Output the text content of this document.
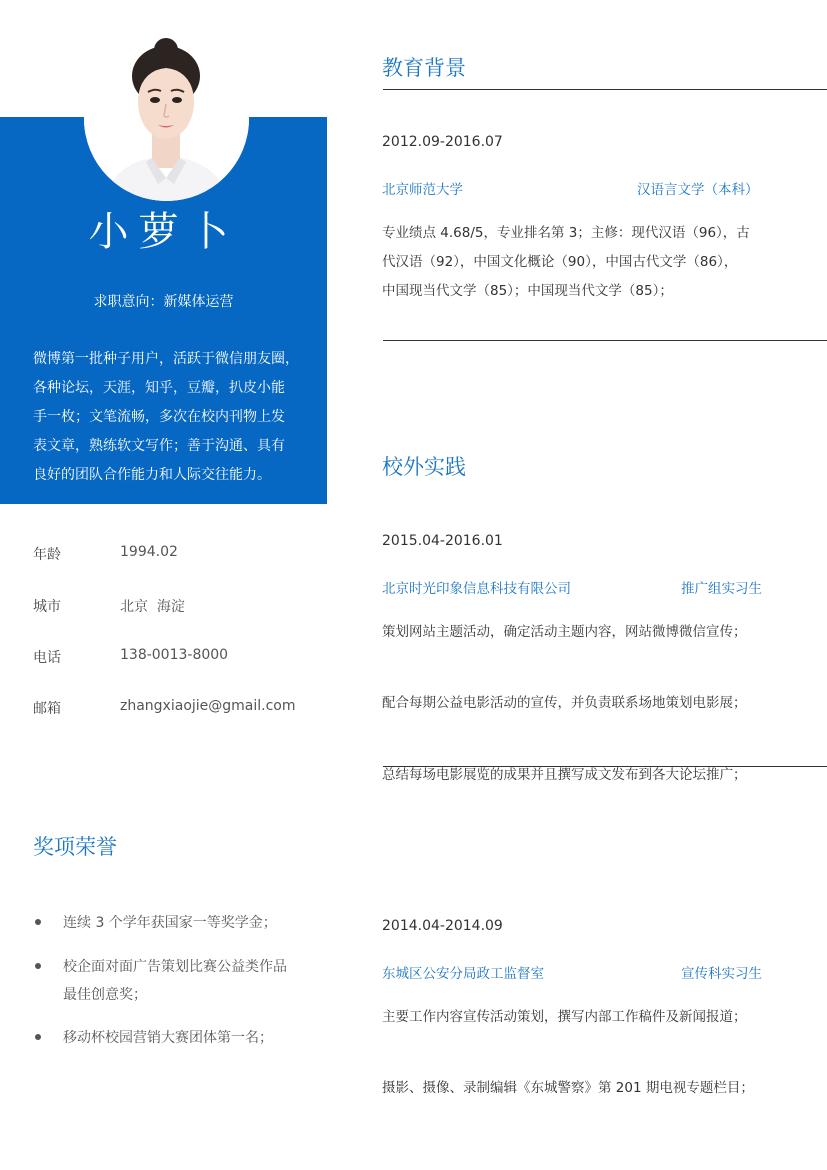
小萝卜
求职意向：新媒体运营
微博第一批种子用户，活跃于微信朋友圈，
各种论坛，天涯，知乎，豆瓣，扒皮小能
手一枚；文笔流畅，多次在校内刊物上发
表文章，熟练软文写作；善于沟通、具有
良好的团队合作能力和人际交往能力。
年龄	1994.02
城市	北京  海淀
电话	138-0013-8000
邮箱	zhangxiaojie@gmail.com
奖项荣誉
连续 3 个学年获国家一等奖学金；
校企面对面广告策划比赛公益类作品
最佳创意奖；
移动杯校园营销大赛团体第一名；
教育背景
2012.09-2016.07
北京师范大学	汉语言文学（本科）
专业绩点 4.68/5，专业排名第 3；主修：现代汉语（96），古
代汉语（92），中国文化概论（90），中国古代文学（86），
中国现当代文学（85）；中国现当代文学（85）；
校外实践
2015.04-2016.01
北京时光印象信息科技有限公司	推广组实习生
策划网站主题活动，确定活动主题内容，网站微博微信宣传；
配合每期公益电影活动的宣传，并负责联系场地策划电影展；
总结每场电影展览的成果并且撰写成文发布到各大论坛推广；
2014.04-2014.09
东城区公安分局政工监督室	宣传科实习生
主要工作内容宣传活动策划，撰写内部工作稿件及新闻报道；
摄影、摄像、录制编辑《东城警察》第 201 期电视专题栏目；
